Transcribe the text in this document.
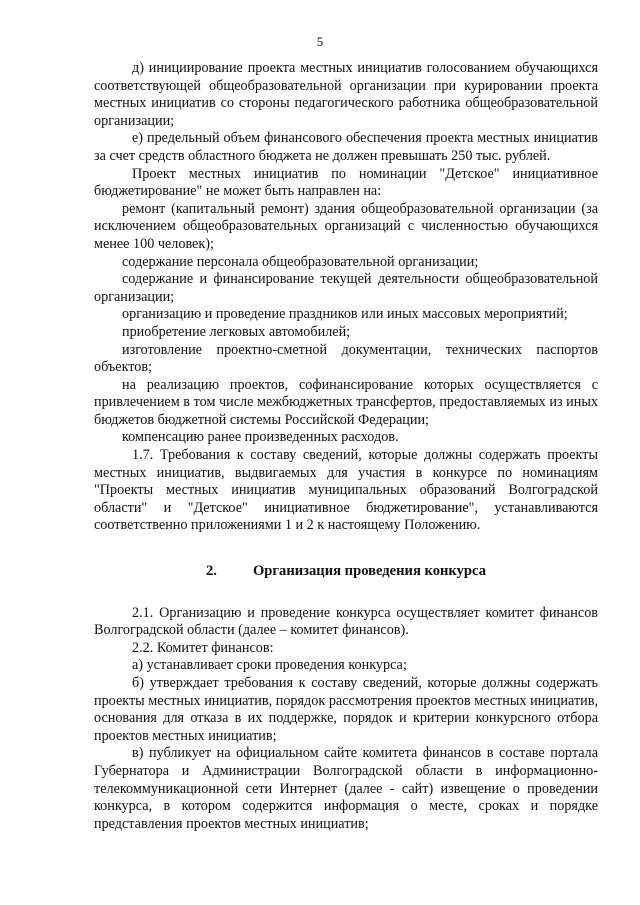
5

д) инициирование проекта местных инициатив голосованием обучающихся соответствующей общеобразовательной организации при курировании проекта местных инициатив со стороны педагогического работника общеобразовательной организации;

е) предельный объем финансового обеспечения проекта местных инициатив за счет средств областного бюджета не должен превышать 250 тыс. рублей.

Проект местных инициатив по номинации "Детское" инициативное бюджетирование" не может быть направлен на:

ремонт (капитальный ремонт) здания общеобразовательной организации (за исключением общеобразовательных организаций с численностью обучающихся менее 100 человек);

содержание персонала общеобразовательной организации;

содержание и финансирование текущей деятельности общеобразовательной организации;

организацию и проведение праздников или иных массовых мероприятий;

приобретение легковых автомобилей;

изготовление проектно-сметной документации, технических паспортов объектов;

на реализацию проектов, софинансирование которых осуществляется с привлечением в том числе межбюджетных трансфертов, предоставляемых из иных бюджетов бюджетной системы Российской Федерации;

компенсацию ранее произведенных расходов.

1.7. Требования к составу сведений, которые должны содержать проекты местных инициатив, выдвигаемых для участия в конкурсе по номинациям "Проекты местных инициатив муниципальных образований Волгоградской области" и "Детское" инициативное бюджетирование", устанавливаются соответственно приложениями 1 и 2 к настоящему Положению.

2. Организация проведения конкурса

2.1. Организацию и проведение конкурса осуществляет комитет финансов Волгоградской области (далее – комитет финансов).

2.2. Комитет финансов:

а) устанавливает сроки проведения конкурса;

б) утверждает требования к составу сведений, которые должны содержать проекты местных инициатив, порядок рассмотрения проектов местных инициатив, основания для отказа в их поддержке, порядок и критерии конкурсного отбора проектов местных инициатив;

в) публикует на официальном сайте комитета финансов в составе портала Губернатора и Администрации Волгоградской области в информационно-телекоммуникационной сети Интернет (далее - сайт) извещение о проведении конкурса, в котором содержится информация о месте, сроках и порядке представления проектов местных инициатив;
